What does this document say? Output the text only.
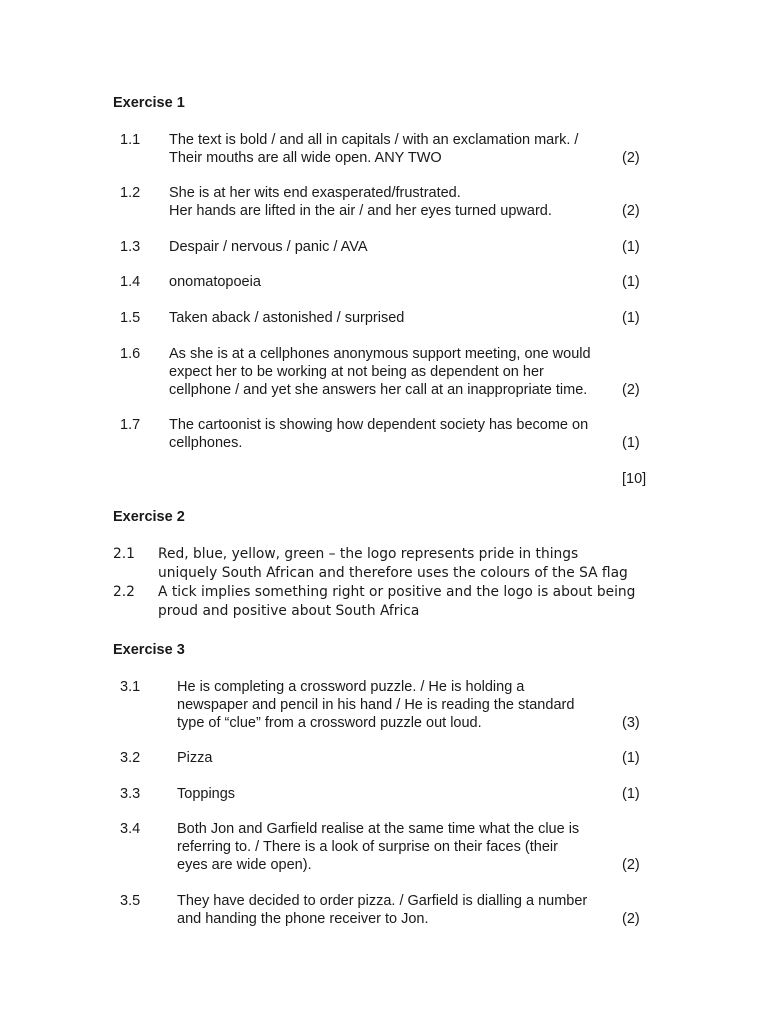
Exercise 1
1.1 The text is bold / and all in capitals / with an exclamation mark. /
Their mouths are all wide open. ANY TWO	(2)
1.2 She is at her wits end exasperated/frustrated.
Her hands are lifted in the air / and her eyes turned upward.	(2)
1.3 Despair / nervous / panic / AVA	(1)
1.4 onomatopoeia	(1)
1.5 Taken aback / astonished / surprised	(1)
1.6 As she is at a cellphones anonymous support meeting, one would
expect her to be working at not being as dependent on her
cellphone / and yet she answers her call at an inappropriate time. (2)
1.7 The cartoonist is showing how dependent society has become on
cellphones.	(1)
[10]
Exercise 2
2.1 Red, blue, yellow, green – the logo represents pride in things
uniquely South African and therefore uses the colours of the SA flag
2.2 A tick implies something right or positive and the logo is about being
proud and positive about South Africa
Exercise 3
3.1	He is completing a crossword puzzle. / He is holding a
newspaper and pencil in his hand / He is reading the standard
type of “clue” from a crossword puzzle out loud.	(3)
3.2	Pizza	(1)
3.3	Toppings	(1)
3.4	Both Jon and Garfield realise at the same time what the clue is
referring to. / There is a look of surprise on their faces (their
eyes are wide open).	(2)
3.5	They have decided to order pizza. / Garfield is dialling a number
and handing the phone receiver to Jon.	(2)
